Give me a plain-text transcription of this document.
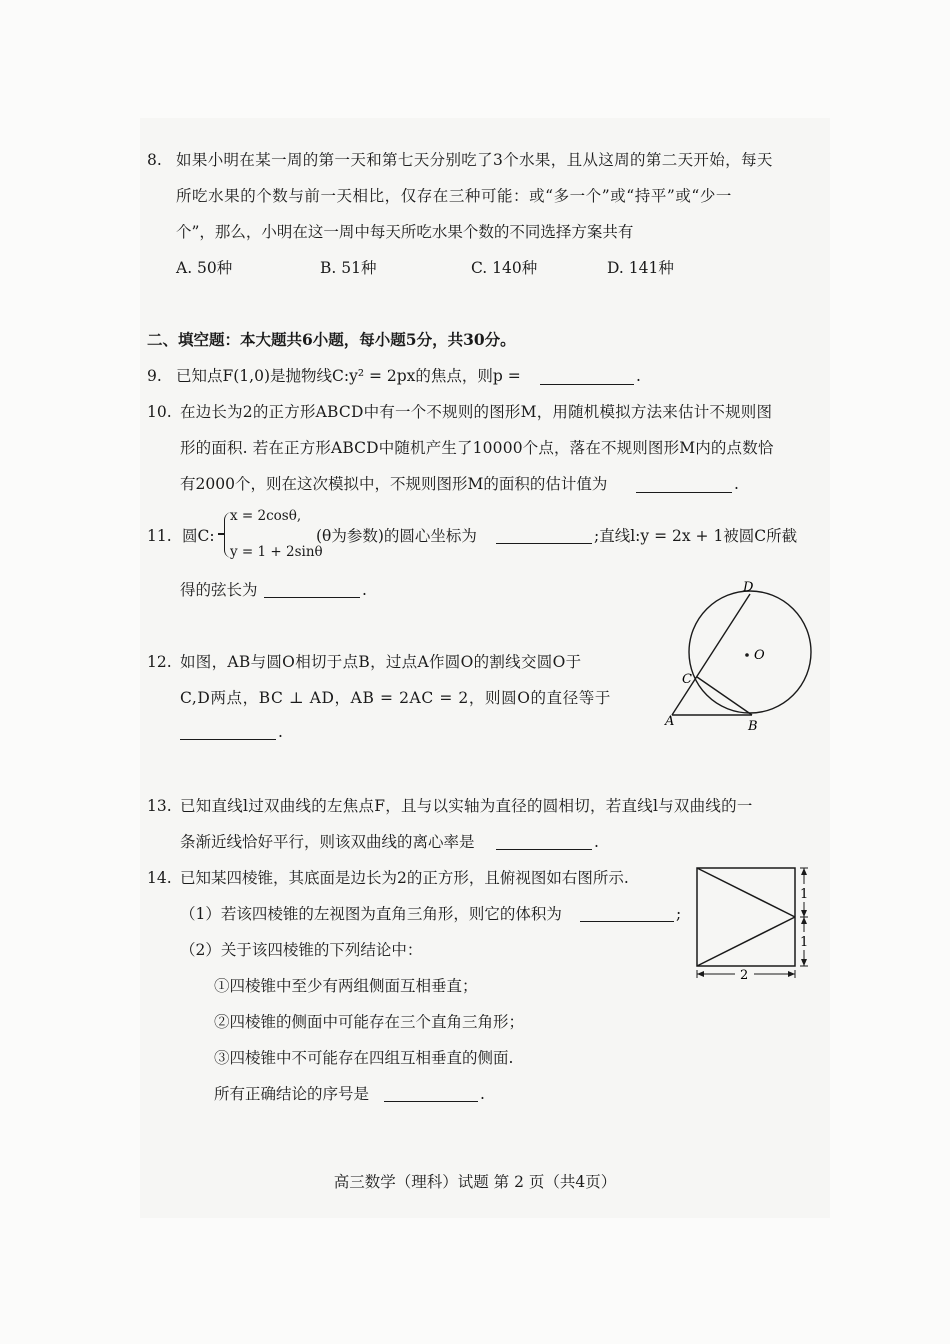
8. 如果小明在某一周的第一天和第七天分别吃了3个水果，且从这周的第二天开始，每天
所吃水果的个数与前一天相比，仅存在三种可能：或“多一个”或“持平”或“少一
个”，那么，小明在这一周中每天所吃水果个数的不同选择方案共有
A. 50种	B. 51种	C. 140种	D. 141种
二、填空题：本大题共6小题，每小题5分，共30分。
9. 已知点F(1,0)是抛物线C:y² = 2px的焦点，则p =	.
10. 在边长为2的正方形ABCD中有一个不规则的图形M，用随机模拟方法来估计不规则图
形的面积. 若在正方形ABCD中随机产生了10000个点，落在不规则图形M内的点数恰
有2000个，则在这次模拟中，不规则图形M的面积的估计值为	.
11. 圆C:
x = 2cosθ,
y = 1 + 2sinθ
(θ为参数)的圆心坐标为	;直线l:y = 2x + 1被圆C所截
得的弦长为	.
12. 如图，AB与圆O相切于点B，过点A作圆O的割线交圆O于
C,D两点，BC ⊥ AD，AB = 2AC = 2，则圆O的直径等于
.
D
O
C
A	B
13. 已知直线l过双曲线的左焦点F，且与以实轴为直径的圆相切，若直线l与双曲线的一
条渐近线恰好平行，则该双曲线的离心率是	.
14. 已知某四棱锥，其底面是边长为2的正方形，且俯视图如右图所示.
（1）若该四棱锥的左视图为直角三角形，则它的体积为	;
（2）关于该四棱锥的下列结论中：
①四棱锥中至少有两组侧面互相垂直；
②四棱锥的侧面中可能存在三个直角三角形；
③四棱锥中不可能存在四组互相垂直的侧面.
所有正确结论的序号是	.
1
1
2
高三数学（理科）试题 第 2 页（共4页）
